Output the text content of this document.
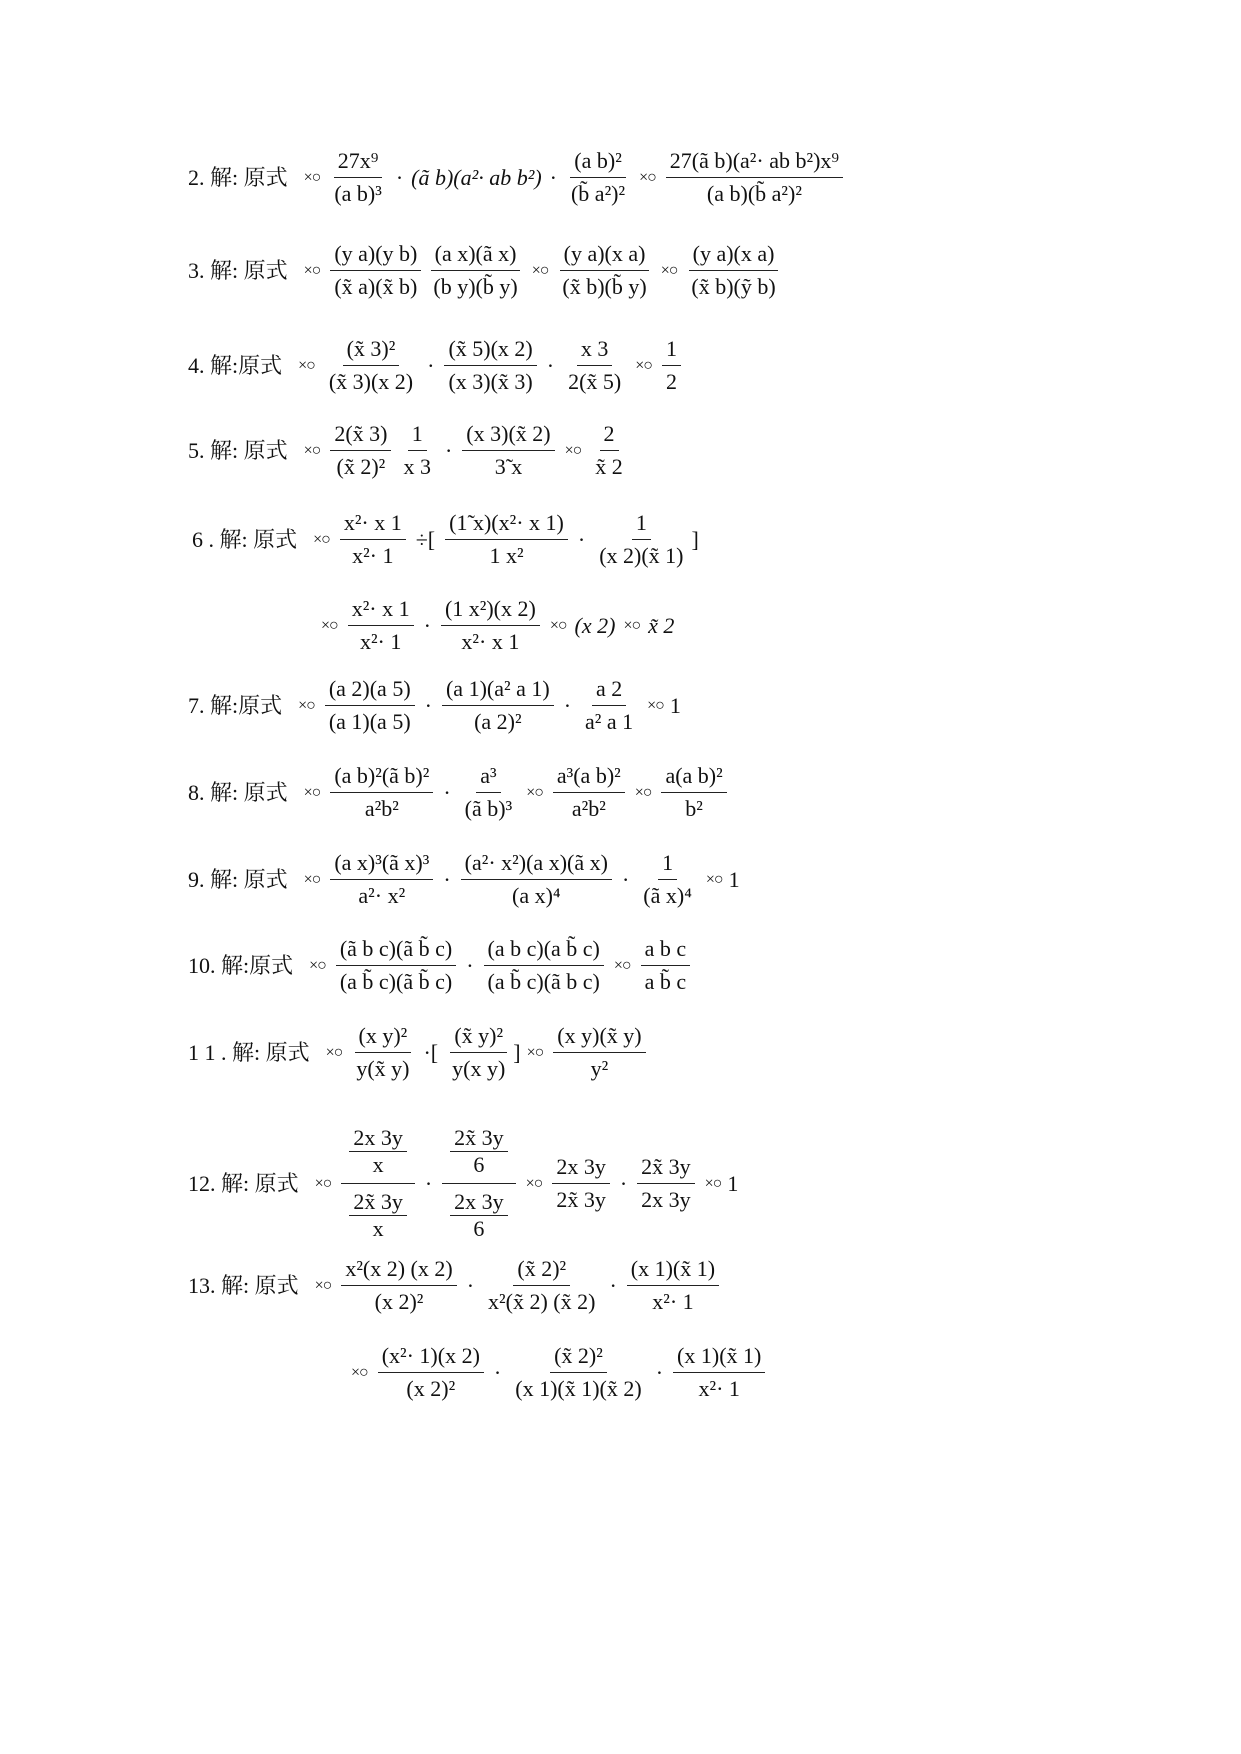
2. 解: 原式 ×○ $\frac{\text{27x⁹}}{\text{(a b)³}}$ · (ã b)(a²· ab $b^2) \cdot \frac{\text{(a b)²}}{\text{(b̃ a²)²}}$ ×○ $\frac{\text{27(ã b)(a²· ab b²)x⁹}}{\text{(a b)(b̃ a²)²}}$
3. 解: 原式 ×○ $\frac{\text{(y a)(y b)}}{(x̃ a)(x̃ b)} \frac{\text{(a x)(ã x)}}{\text{(b y)(b̃ y)}}$ ×○ $\frac{\text{(y a)(x a)}}{(x̃ b)(b̃ y)}$ ×○ $\frac{\text{(y a)(x a)}}{\text{(x̃ b)(ỹ b)}}$
4. 解:原式 ×○ $\frac{\text{(x̃ 3)²}}{(x̃ 3)(x 2)} \cdot \frac{(x̃ 5)(x 2)}{(x 3)(x̃ 3)} \cdot \frac{x 3}{2(x̃ 5)}$ ×○ $\frac{1}{2}$
5. 解: 原式 ×○ $\frac{2(x̃ 3)}{\text{(x̃ 2)²}} \frac{1}{x 3} \cdot \frac{(x 3)(x̃ 2)}{3̃ x}$ ×○ $\frac{2}{x̃ 2}$
6 . 解: 原式 ×○ $\frac{\text{x²· x 1}}{\text{x²· 1}}$ ÷[ $\frac{\text{(1̃ x)(x²· x 1)}}{\text{1 x²}} \cdot \frac{1}{(x 2)(x̃ 1)}$ ]
×○ $\frac{\text{x²· x 1}}{\text{x²· 1}} \cdot \frac{\text{(1 x²)(x 2)}}{\text{x²· x 1}}$ ×○ (x 2) ×○ x̃ 2
7. 解:原式 ×○ $\frac{(a 2)(a 5)}{(a 1)(a 5)} \cdot \frac{\text{(a 1)(a² a 1)}}{\text{(a 2)²}} \cdot \frac{a 2}{\text{a² a 1}}$ ×○ 1
8. 解: 原式 ×○ $\frac{\text{(a b)²(ã b)²}}{\text{a²b²}} \cdot \frac{\text{a³}}{\text{(ã b)³}}$ ×○ $\frac{\text{a³(a b)²}}{\text{a²b²}}$ ×○ $\frac{\text{a(a b)²}}{\text{b²}}$
9. 解: 原式 ×○ $\frac{\text{(a x)³(ã x)³}}{\text{a²· x²}} \cdot \frac{\text{(a²· x²)(a x)(ã x)}}{\text{(a x)⁴}} \cdot \frac{1}{\text{(ã x)⁴}}$ ×○ 1
10. 解:原式 ×○ $\frac{\text{(ã b c)(ã b̃ c)}}{\text{(a b̃ c)(ã b̃ c)}} \cdot \frac{\text{(a b c)(a b̃ c)}}{\text{(a b̃ c)(ã b c)}}$ ×○ $\frac{\text{a b c}}{\text{a b̃ c}}$
1 1 . 解: 原式 ×○ $\frac{\text{(x y)²}}{y(x̃ y)}$ ·[ $\frac{\text{(x̃ y)²}}{\text{y(x y)}}$ ] ×○ $\frac{\text{(x y)(x̃ y)}}{\text{y²}}$
12. 解: 原式 ×○ $\frac{\frac{2x 3y}{x}}{\frac{2x̃ 3y}{x}} \cdot \frac{\frac{2x̃ 3y}{6}}{\frac{2x 3y}{6}}$ ×○ $\frac{2x 3y}{2x̃ 3y} \cdot \frac{2x̃ 3y}{2x 3y}$ ×○ 1
13. 解: 原式 ×○ $\frac{\text{x²(x 2) (x 2)}}{\text{(x 2)²}} \cdot \frac{\text{(x̃ 2)²}}{\text{x²(x̃ 2) (x̃ 2)}} \cdot \frac{(x 1)(x̃ 1)}{\text{x²· 1}}$
×○ $\frac{\text{(x²· 1)(x 2)}}{\text{(x 2)²}} \cdot \frac{\text{(x̃ 2)²}}{(x 1)(x̃ 1)(x̃ 2)} \cdot \frac{(x 1)(x̃ 1)}{\text{x²· 1}}$
